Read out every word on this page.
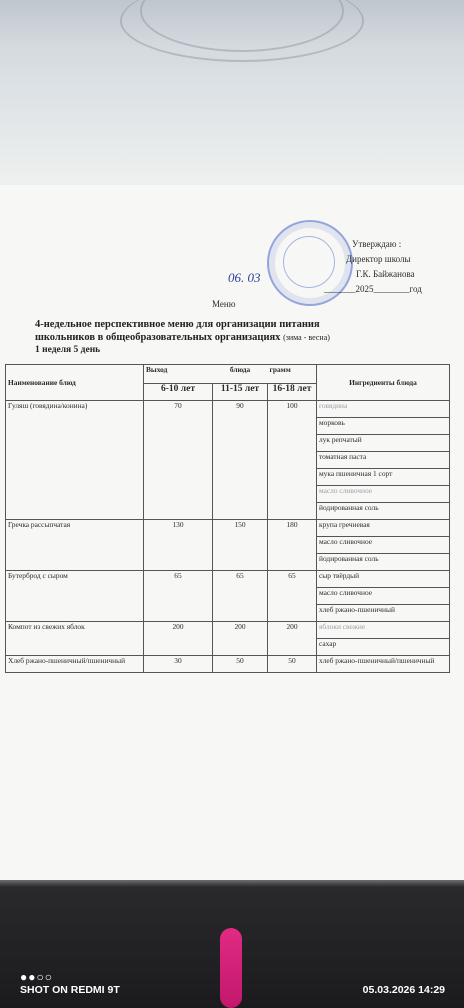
06. 03
Утверждаю :
Директор школы
Г.К. Байжанова
_______2025________год
Меню
4-недельное перспективное меню для организации питания
школьников в общеобразовательных организациях (зима - весна)
1 неделя 5 день
Наименование блюд	Выход	блюда	грамм	Ингредиенты блюда
	6-10 лет	11-15 лет	16-18 лет	
Гуляш (говядина/конина)	70	90	100	говядина
				морковь
				лук репчатый
				томатная паста
				мука пшеничная 1 сорт
				масло сливочное
				йодированная соль
Гречка рассыпчатая	130	150	180	крупа гречневая
				масло сливочное
				йодированная соль
Бутерброд с сыром	65	65	65	сыр твёрдый
				масло сливочное
				хлеб ржано-пшеничный
Компот из свежих яблок	200	200	200	яблоки свежие
				сахар
Хлеб ржано-пшеничный/пшеничный	30	50	50	хлеб ржано-пшеничный/пшеничный
●●○○
SHOT ON REDMI 9T	05.03.2026 14:29
